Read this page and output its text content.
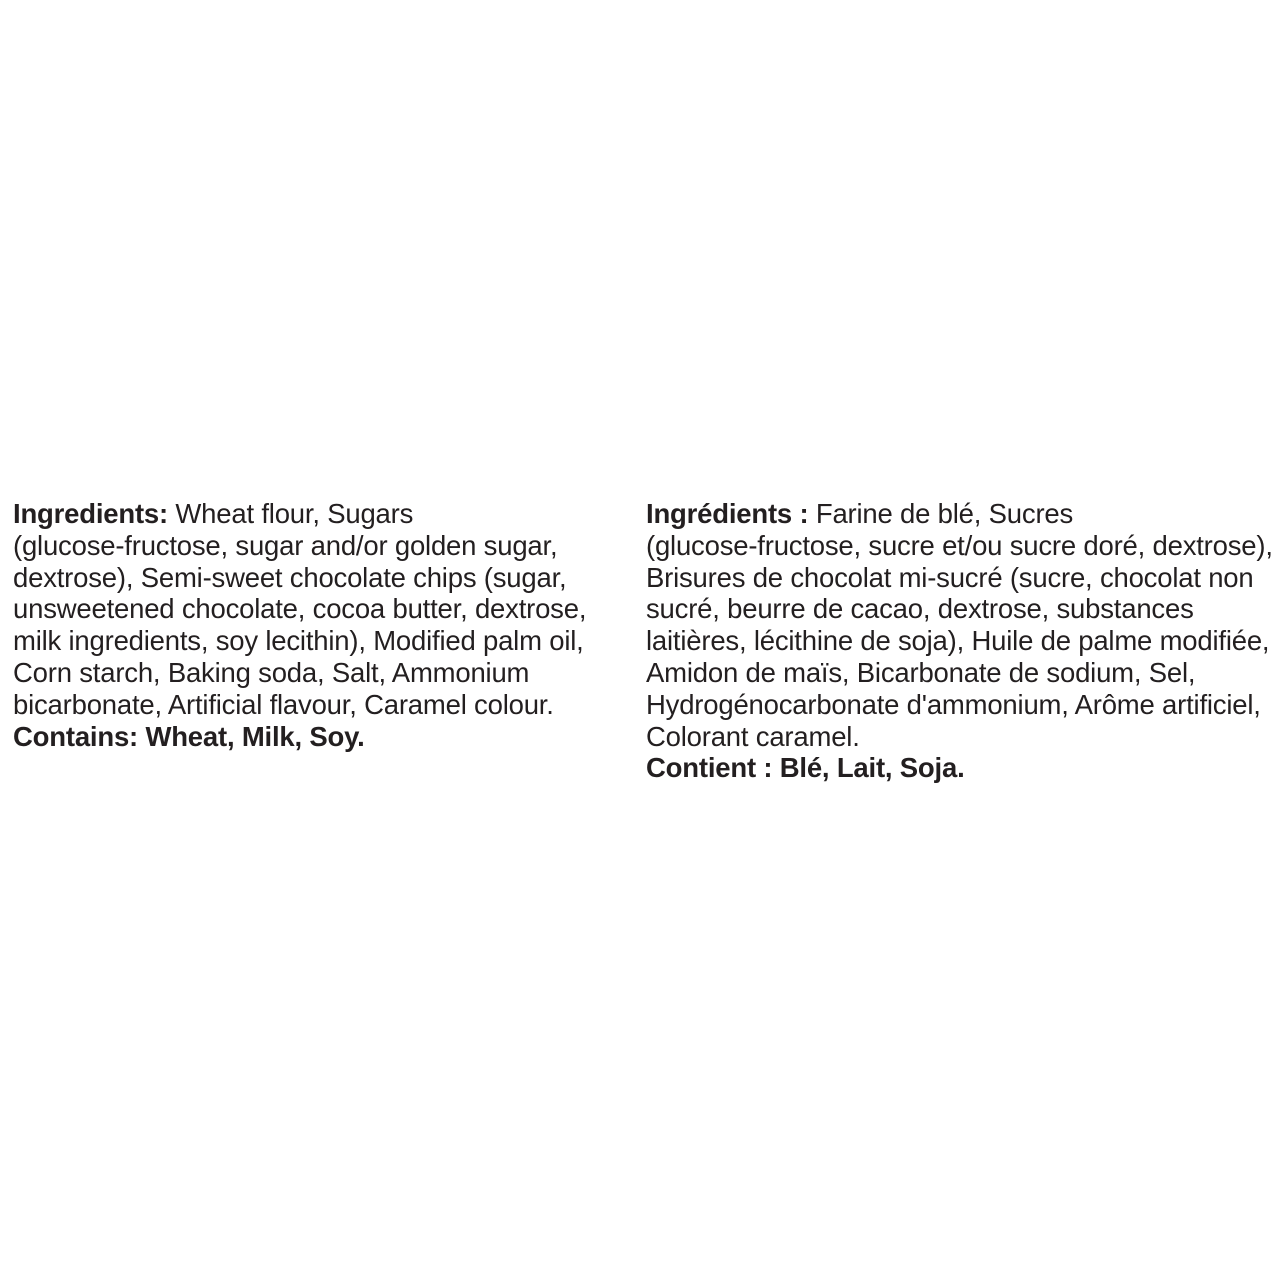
Ingredients: Wheat flour, Sugars
(glucose-fructose, sugar and/or golden sugar,
dextrose), Semi-sweet chocolate chips (sugar,
unsweetened chocolate, cocoa butter, dextrose,
milk ingredients, soy lecithin), Modified palm oil,
Corn starch, Baking soda, Salt, Ammonium
bicarbonate, Artificial flavour, Caramel colour.
Contains: Wheat, Milk, Soy.
Ingrédients : Farine de blé, Sucres
(glucose-fructose, sucre et/ou sucre doré, dextrose),
Brisures de chocolat mi-sucré (sucre, chocolat non
sucré, beurre de cacao, dextrose, substances
laitières, lécithine de soja), Huile de palme modifiée,
Amidon de maïs, Bicarbonate de sodium, Sel,
Hydrogénocarbonate d'ammonium, Arôme artificiel,
Colorant caramel.
Contient : Blé, Lait, Soja.
